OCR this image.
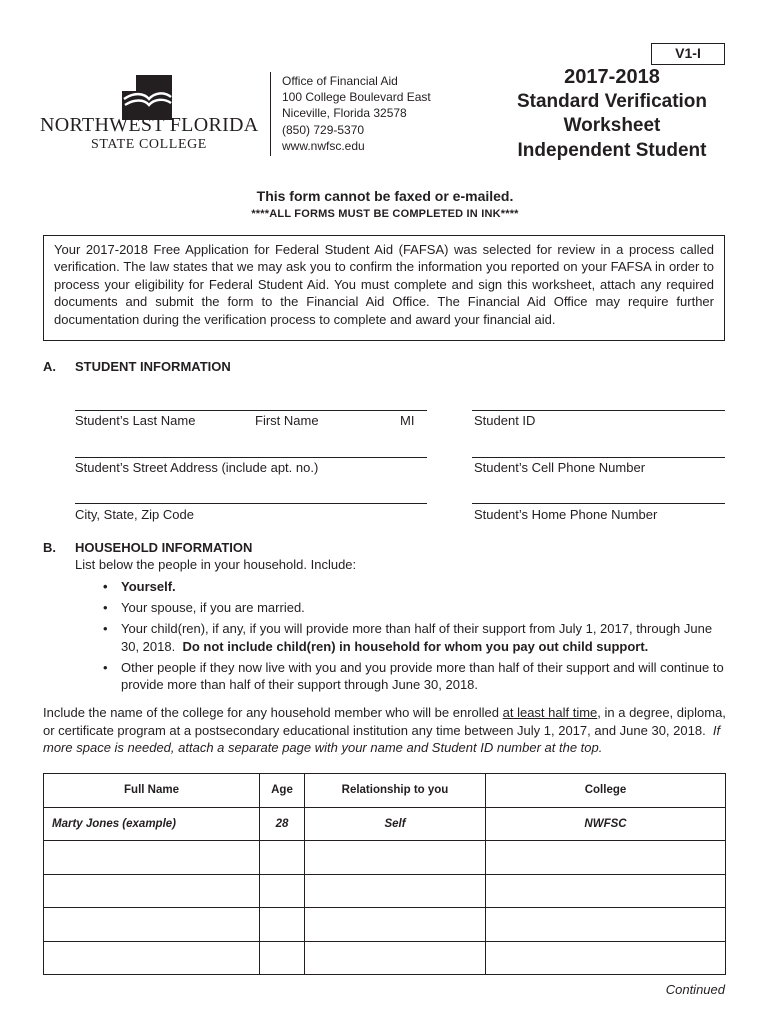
V1-I
NORTHWEST FLORIDA
STATE COLLEGE
Office of Financial Aid
100 College Boulevard East
Niceville, Florida 32578
(850) 729-5370
www.nwfsc.edu
2017-2018
Standard Verification
Worksheet
Independent Student
This form cannot be faxed or e-mailed.
****ALL FORMS MUST BE COMPLETED IN INK****
Your 2017-2018 Free Application for Federal Student Aid (FAFSA) was selected for review in a process called verification. The law states that we may ask you to confirm the information you reported on your FAFSA in order to process your eligibility for Federal Student Aid. You must complete and sign this worksheet, attach any required documents and submit the form to the Financial Aid Office. The Financial Aid Office may require further documentation during the verification process to complete and award your financial aid.
A. STUDENT INFORMATION
Student’s Last Name	First Name	MI	Student ID
Student’s Street Address (include apt. no.)	Student’s Cell Phone Number
City, State, Zip Code	Student’s Home Phone Number
B. HOUSEHOLD INFORMATION
List below the people in your household. Include:
• Yourself.
• Your spouse, if you are married.
• Your child(ren), if any, if you will provide more than half of their support from July 1, 2017, through June 30, 2018. Do not include child(ren) in household for whom you pay out child support.
• Other people if they now live with you and you provide more than half of their support and will continue to provide more than half of their support through June 30, 2018.
Include the name of the college for any household member who will be enrolled at least half time, in a degree, diploma, or certificate program at a postsecondary educational institution any time between July 1, 2017, and June 30, 2018. If more space is needed, attach a separate page with your name and Student ID number at the top.
Full Name	Age	Relationship to you	College
Marty Jones (example)	28	Self	NWFSC

Continued
